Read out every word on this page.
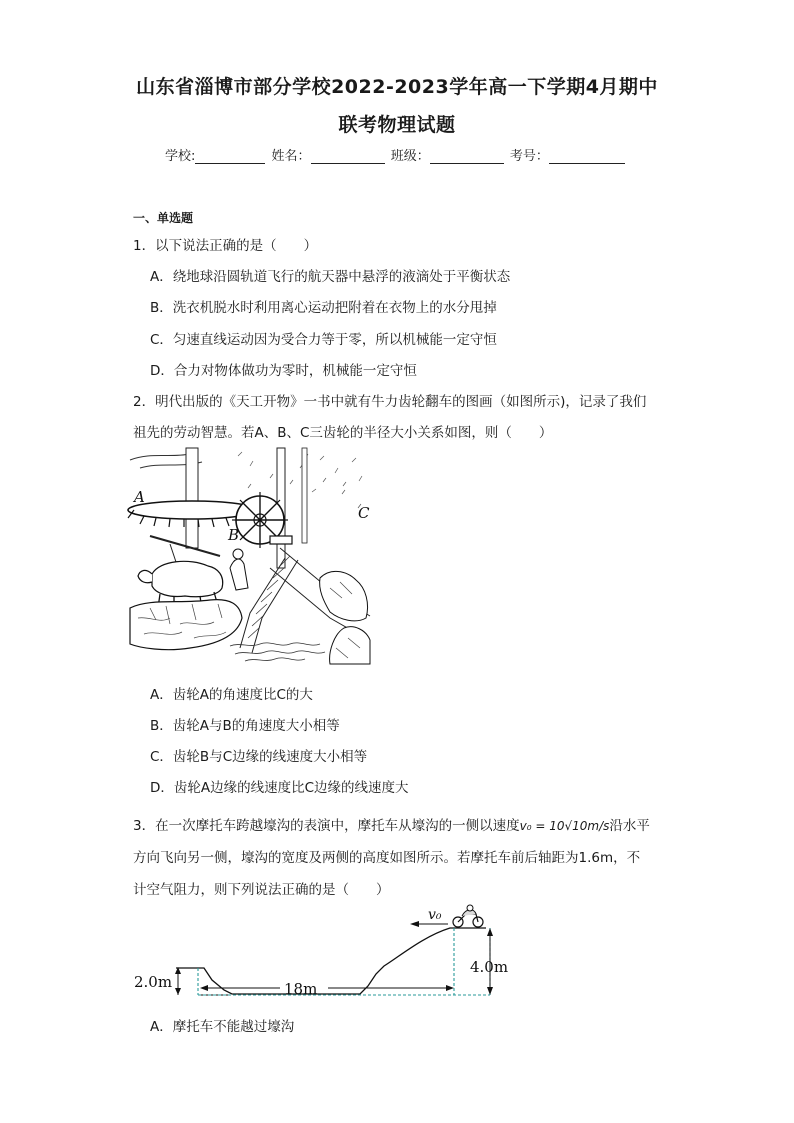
山东省淄博市部分学校2022-2023学年高一下学期4月期中
联考物理试题
学校:	姓名：	班级：	考号：
一、单选题
1．以下说法正确的是（　　）
A．绕地球沿圆轨道飞行的航天器中悬浮的液滴处于平衡状态
B．洗衣机脱水时利用离心运动把附着在衣物上的水分甩掉
C．匀速直线运动因为受合力等于零，所以机械能一定守恒
D．合力对物体做功为零时，机械能一定守恒
2．明代出版的《天工开物》一书中就有牛力齿轮翻车的图画（如图所示)，记录了我们
祖先的劳动智慧。若A、B、C三齿轮的半径大小关系如图，则（　　）
A
B
C
A．齿轮A的角速度比C的大
B．齿轮A与B的角速度大小相等
C．齿轮B与C边缘的线速度大小相等
D．齿轮A边缘的线速度比C边缘的线速度大
3．在一次摩托车跨越壕沟的表演中，摩托车从壕沟的一侧以速度v₀ = 10√10m/s沿水平
方向飞向另一侧，壕沟的宽度及两侧的高度如图所示。若摩托车前后轴距为1.6m，不
计空气阻力，则下列说法正确的是（　　）
18m
2.0m
4.0m
v₀
A．摩托车不能越过壕沟
